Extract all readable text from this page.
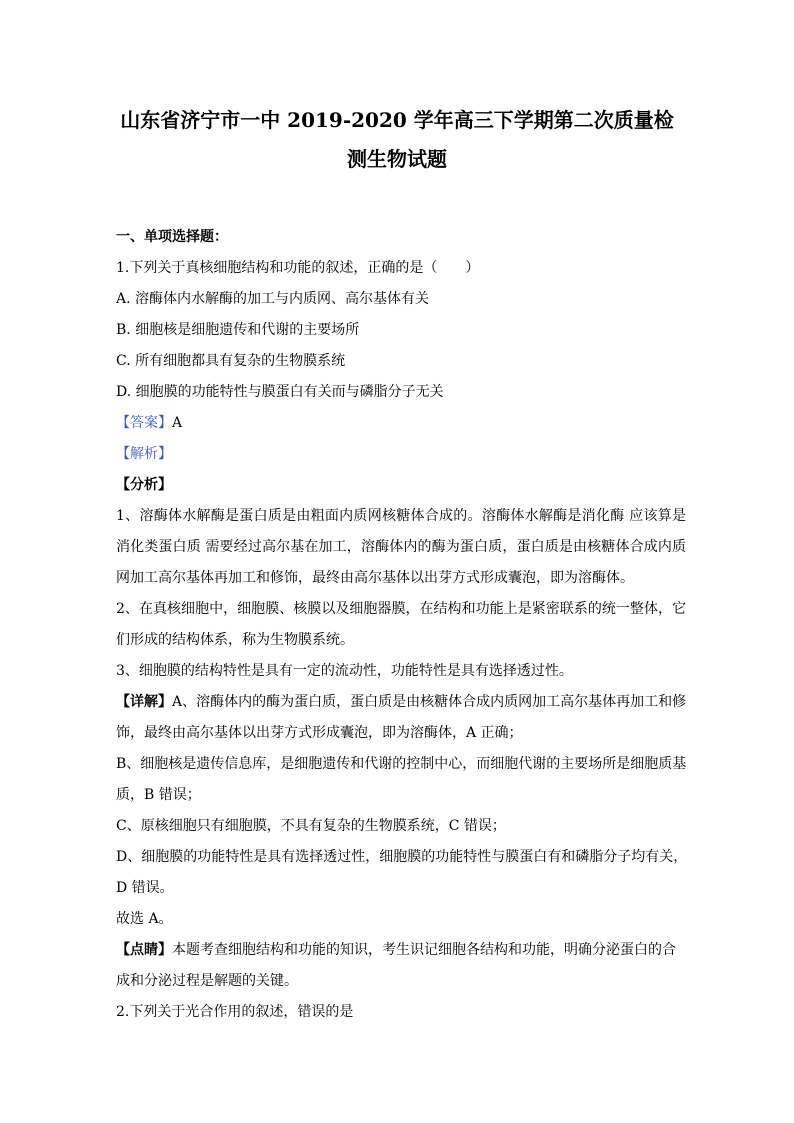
山东省济宁市一中 2019-2020 学年高三下学期第二次质量检
测生物试题
一、单项选择题：
1.下列关于真核细胞结构和功能的叙述，正确的是（　　）
A. 溶酶体内水解酶的加工与内质网、高尔基体有关
B. 细胞核是细胞遗传和代谢的主要场所
C. 所有细胞都具有复杂的生物膜系统
D. 细胞膜的功能特性与膜蛋白有关而与磷脂分子无关
【答案】A
【解析】
【分析】
1、溶酶体水解酶是蛋白质是由粗面内质网核糖体合成的。溶酶体水解酶是消化酶 应该算是
消化类蛋白质 需要经过高尔基在加工，溶酶体内的酶为蛋白质，蛋白质是由核糖体合成内质
网加工高尔基体再加工和修饰，最终由高尔基体以出芽方式形成囊泡，即为溶酶体。
2、在真核细胞中，细胞膜、核膜以及细胞器膜，在结构和功能上是紧密联系的统一整体，它
们形成的结构体系，称为生物膜系统。
3、细胞膜的结构特性是具有一定的流动性，功能特性是具有选择透过性。
【详解】A、溶酶体内的酶为蛋白质，蛋白质是由核糖体合成内质网加工高尔基体再加工和修
饰，最终由高尔基体以出芽方式形成囊泡，即为溶酶体，A 正确；
B、细胞核是遗传信息库，是细胞遗传和代谢的控制中心，而细胞代谢的主要场所是细胞质基
质，B 错误；
C、原核细胞只有细胞膜，不具有复杂的生物膜系统，C 错误；
D、细胞膜的功能特性是具有选择透过性，细胞膜的功能特性与膜蛋白有和磷脂分子均有关，
D 错误。
故选 A。
【点睛】本题考查细胞结构和功能的知识，考生识记细胞各结构和功能，明确分泌蛋白的合
成和分泌过程是解题的关键。
2.下列关于光合作用的叙述，错误的是
